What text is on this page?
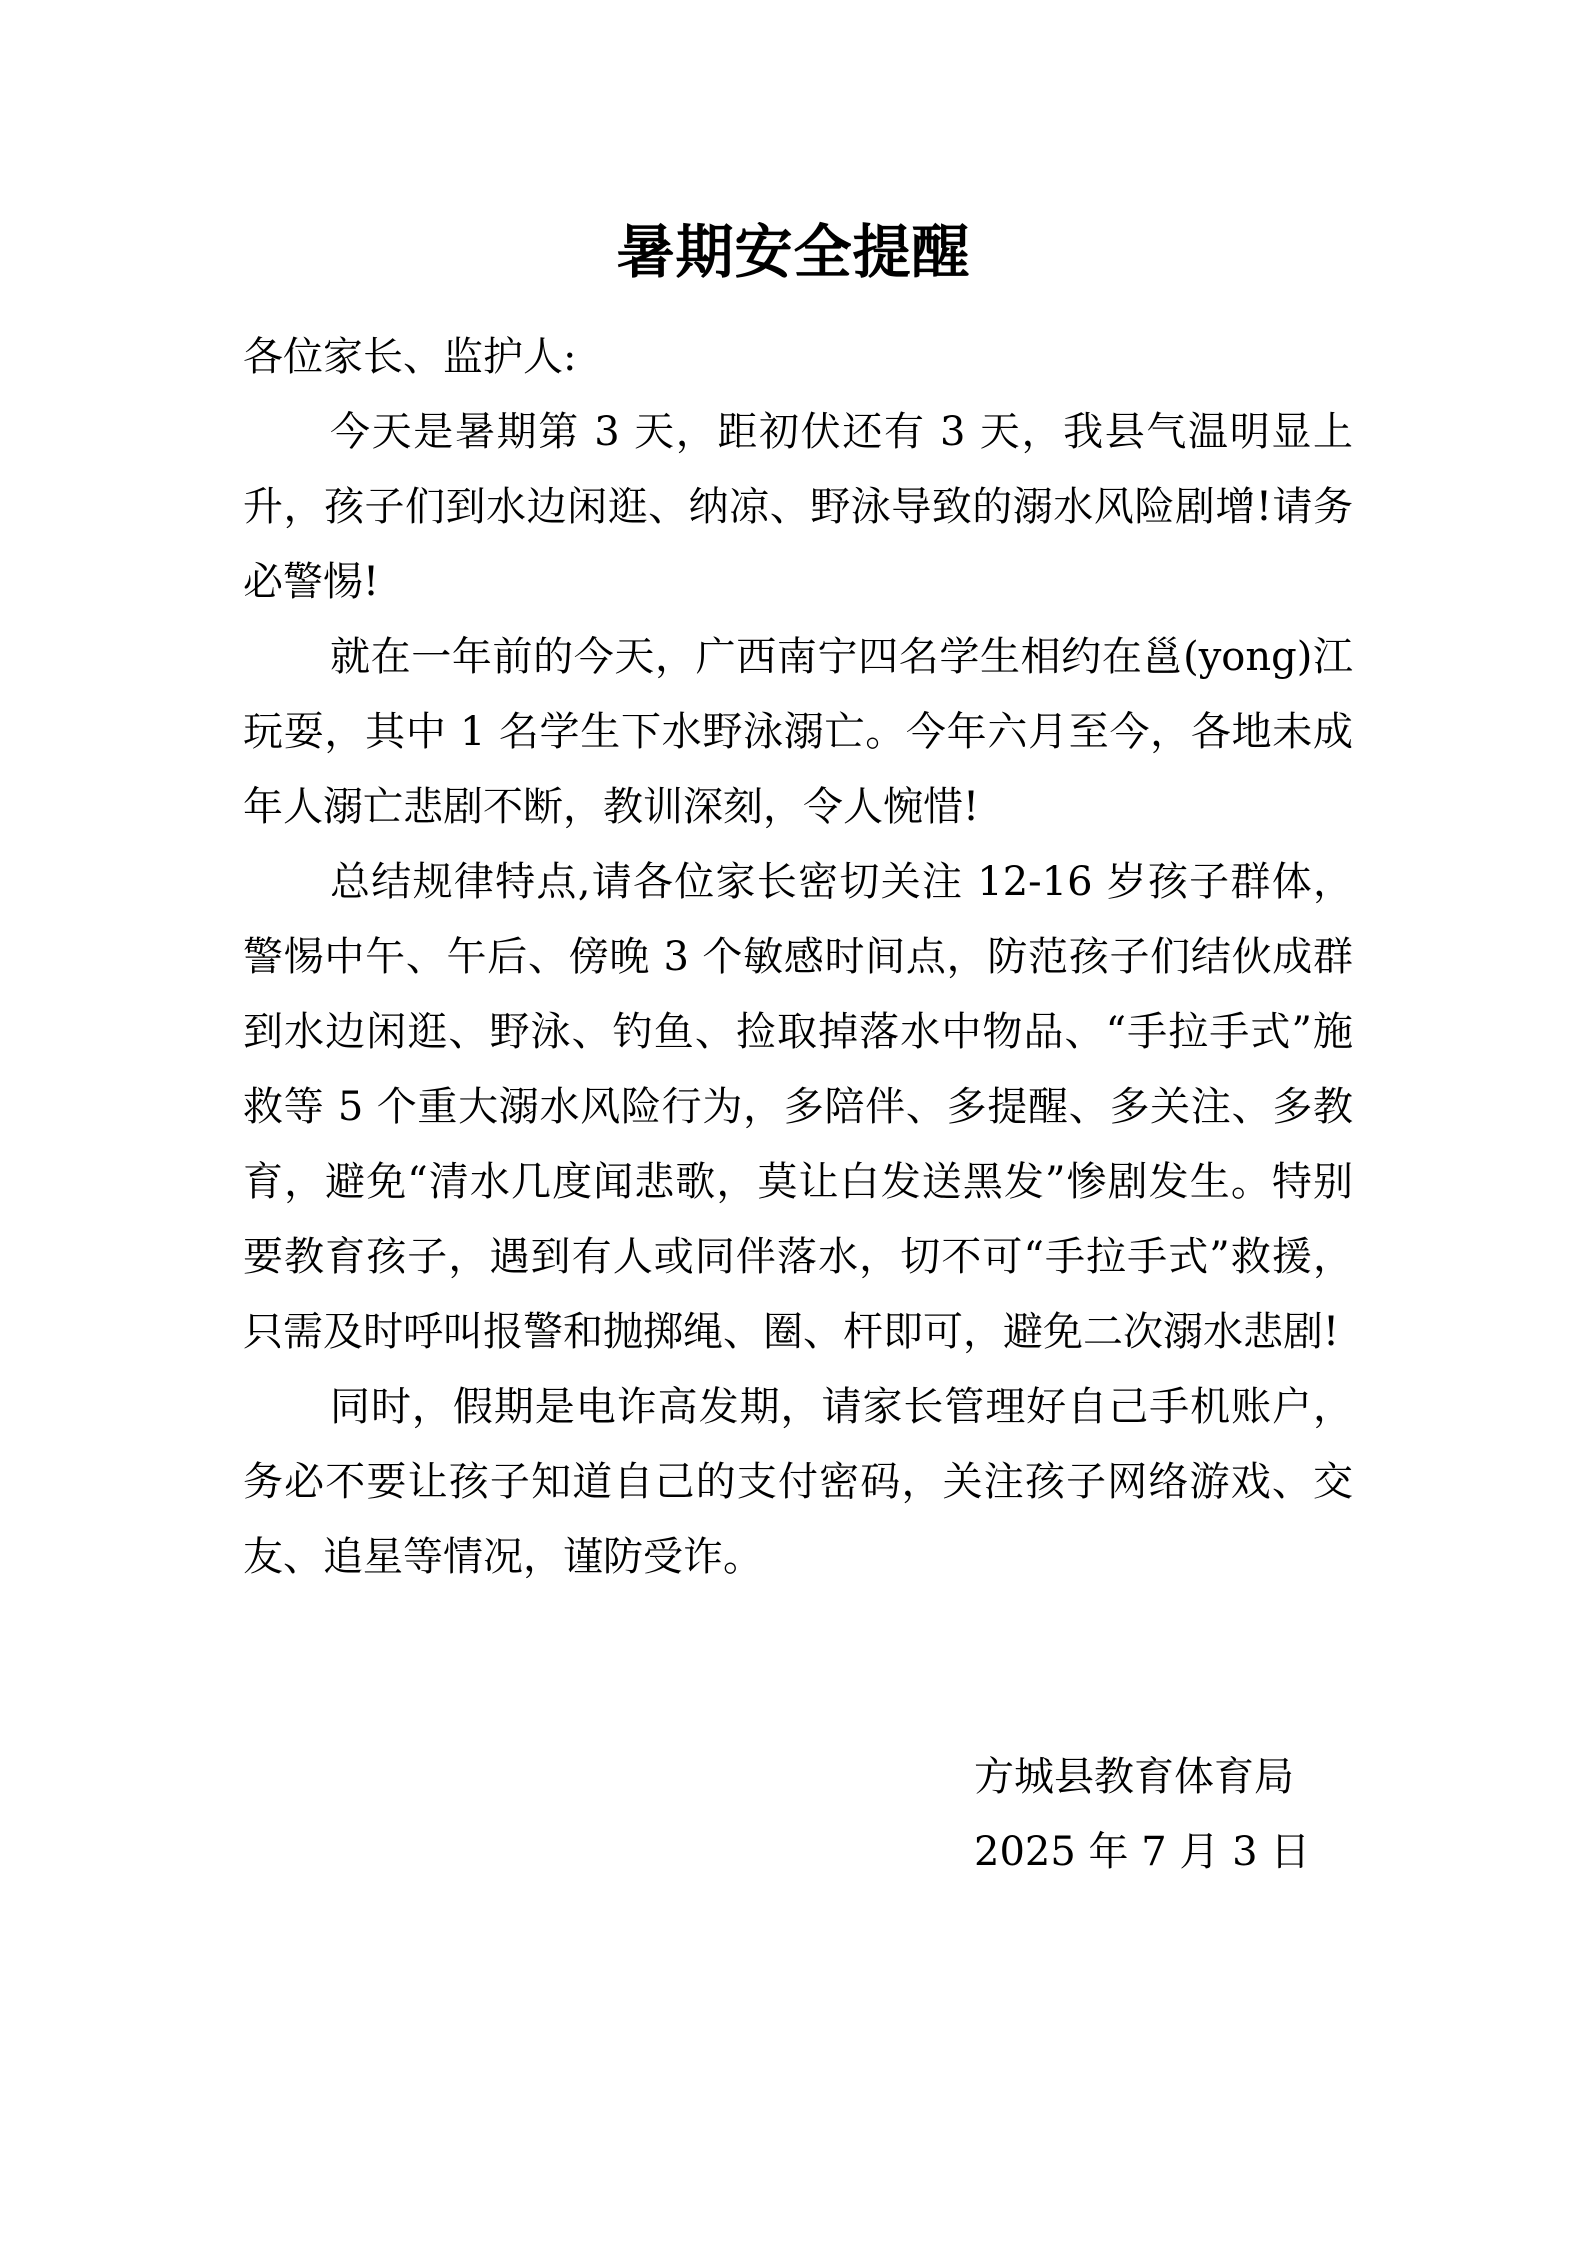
暑期安全提醒

各位家长、监护人:

今天是暑期第 3 天，距初伏还有 3 天，我县气温明显上升，孩子们到水边闲逛、纳凉、野泳导致的溺水风险剧增!请务必警惕!

就在一年前的今天，广西南宁四名学生相约在邕(yong)江玩耍，其中 1 名学生下水野泳溺亡。今年六月至今，各地未成年人溺亡悲剧不断，教训深刻，令人惋惜!

总结规律特点,请各位家长密切关注 12-16 岁孩子群体，警惕中午、午后、傍晚 3 个敏感时间点，防范孩子们结伙成群到水边闲逛、野泳、钓鱼、捡取掉落水中物品、“手拉手式”施救等 5 个重大溺水风险行为，多陪伴、多提醒、多关注、多教育，避免“清水几度闻悲歌，莫让白发送黑发”惨剧发生。特别要教育孩子，遇到有人或同伴落水，切不可“手拉手式”救援，只需及时呼叫报警和抛掷绳、圈、杆即可，避免二次溺水悲剧!

同时，假期是电诈高发期，请家长管理好自己手机账户，务必不要让孩子知道自己的支付密码，关注孩子网络游戏、交友、追星等情况，谨防受诈。

方城县教育体育局

2025 年 7 月 3 日
